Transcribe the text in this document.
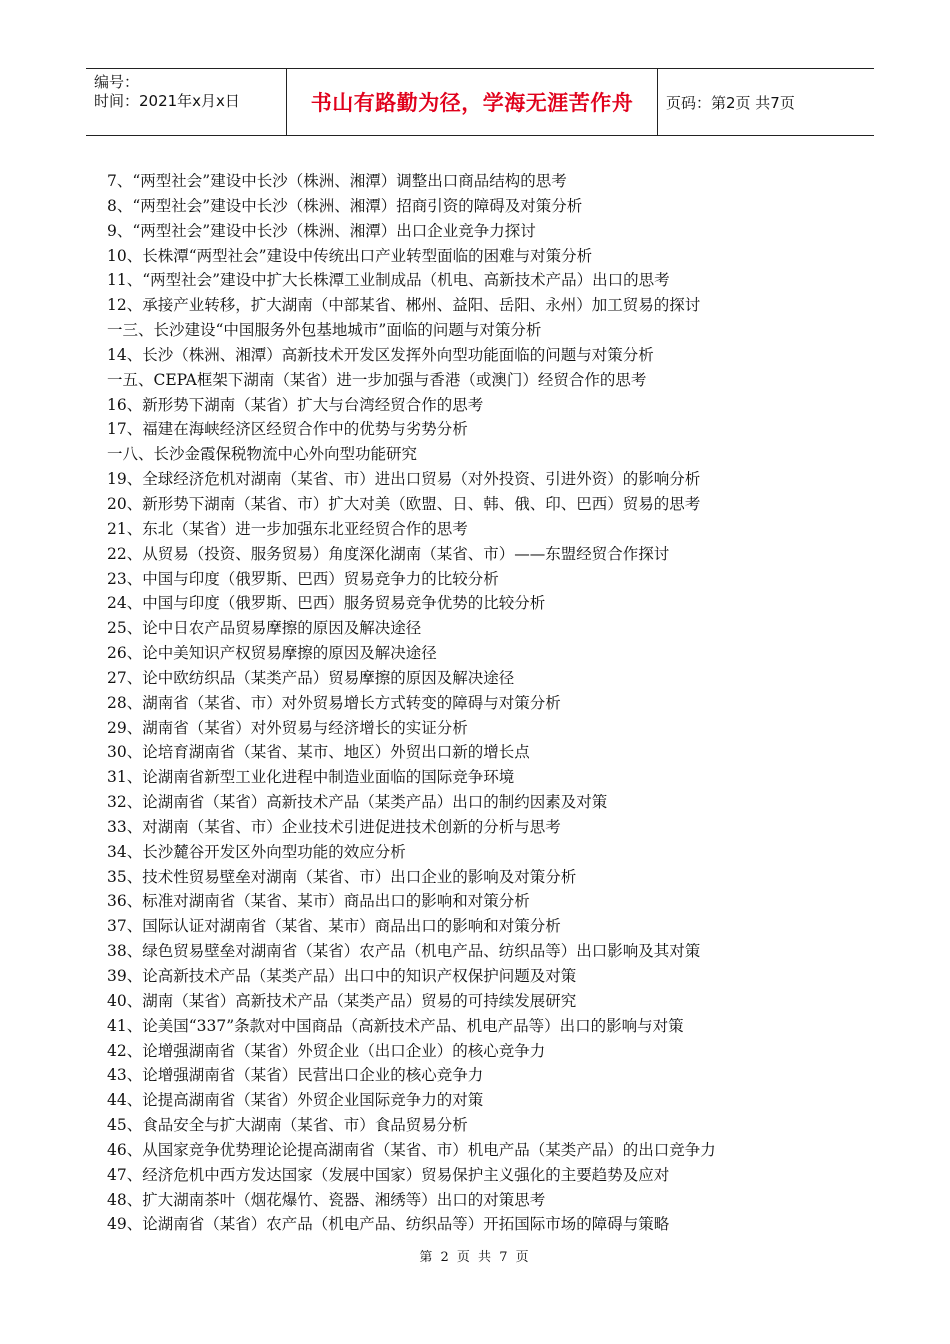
编号：
时间：2021年x月x日	书山有路勤为径，学海无涯苦作舟	页码：第2页 共7页
7、“两型社会”建设中长沙（株洲、湘潭）调整出口商品结构的思考
8、“两型社会”建设中长沙（株洲、湘潭）招商引资的障碍及对策分析
9、“两型社会”建设中长沙（株洲、湘潭）出口企业竞争力探讨
10、长株潭“两型社会”建设中传统出口产业转型面临的困难与对策分析
11、“两型社会”建设中扩大长株潭工业制成品（机电、高新技术产品）出口的思考
12、承接产业转移，扩大湖南（中部某省、郴州、益阳、岳阳、永州）加工贸易的探讨
一三、长沙建设“中国服务外包基地城市”面临的问题与对策分析
14、长沙（株洲、湘潭）高新技术开发区发挥外向型功能面临的问题与对策分析
一五、CEPA框架下湖南（某省）进一步加强与香港（或澳门）经贸合作的思考
16、新形势下湖南（某省）扩大与台湾经贸合作的思考
17、福建在海峡经济区经贸合作中的优势与劣势分析
一八、长沙金霞保税物流中心外向型功能研究
19、全球经济危机对湖南（某省、市）进出口贸易（对外投资、引进外资）的影响分析
20、新形势下湖南（某省、市）扩大对美（欧盟、日、韩、俄、印、巴西）贸易的思考
21、东北（某省）进一步加强东北亚经贸合作的思考
22、从贸易（投资、服务贸易）角度深化湖南（某省、市）——东盟经贸合作探讨
23、中国与印度（俄罗斯、巴西）贸易竞争力的比较分析
24、中国与印度（俄罗斯、巴西）服务贸易竞争优势的比较分析
25、论中日农产品贸易摩擦的原因及解决途径
26、论中美知识产权贸易摩擦的原因及解决途径
27、论中欧纺织品（某类产品）贸易摩擦的原因及解决途径
28、湖南省（某省、市）对外贸易增长方式转变的障碍与对策分析
29、湖南省（某省）对外贸易与经济增长的实证分析
30、论培育湖南省（某省、某市、地区）外贸出口新的增长点
31、论湖南省新型工业化进程中制造业面临的国际竞争环境
32、论湖南省（某省）高新技术产品（某类产品）出口的制约因素及对策
33、对湖南（某省、市）企业技术引进促进技术创新的分析与思考
34、长沙麓谷开发区外向型功能的效应分析
35、技术性贸易壁垒对湖南（某省、市）出口企业的影响及对策分析
36、标准对湖南省（某省、某市）商品出口的影响和对策分析
37、国际认证对湖南省（某省、某市）商品出口的影响和对策分析
38、绿色贸易壁垒对湖南省（某省）农产品（机电产品、纺织品等）出口影响及其对策
39、论高新技术产品（某类产品）出口中的知识产权保护问题及对策
40、湖南（某省）高新技术产品（某类产品）贸易的可持续发展研究
41、论美国“337”条款对中国商品（高新技术产品、机电产品等）出口的影响与对策
42、论增强湖南省（某省）外贸企业（出口企业）的核心竞争力
43、论增强湖南省（某省）民营出口企业的核心竞争力
44、论提高湖南省（某省）外贸企业国际竞争力的对策
45、食品安全与扩大湖南（某省、市）食品贸易分析
46、从国家竞争优势理论论提高湖南省（某省、市）机电产品（某类产品）的出口竞争力
47、经济危机中西方发达国家（发展中国家）贸易保护主义强化的主要趋势及应对
48、扩大湖南茶叶（烟花爆竹、瓷器、湘绣等）出口的对策思考
49、论湖南省（某省）农产品（机电产品、纺织品等）开拓国际市场的障碍与策略
第 2 页 共 7 页
